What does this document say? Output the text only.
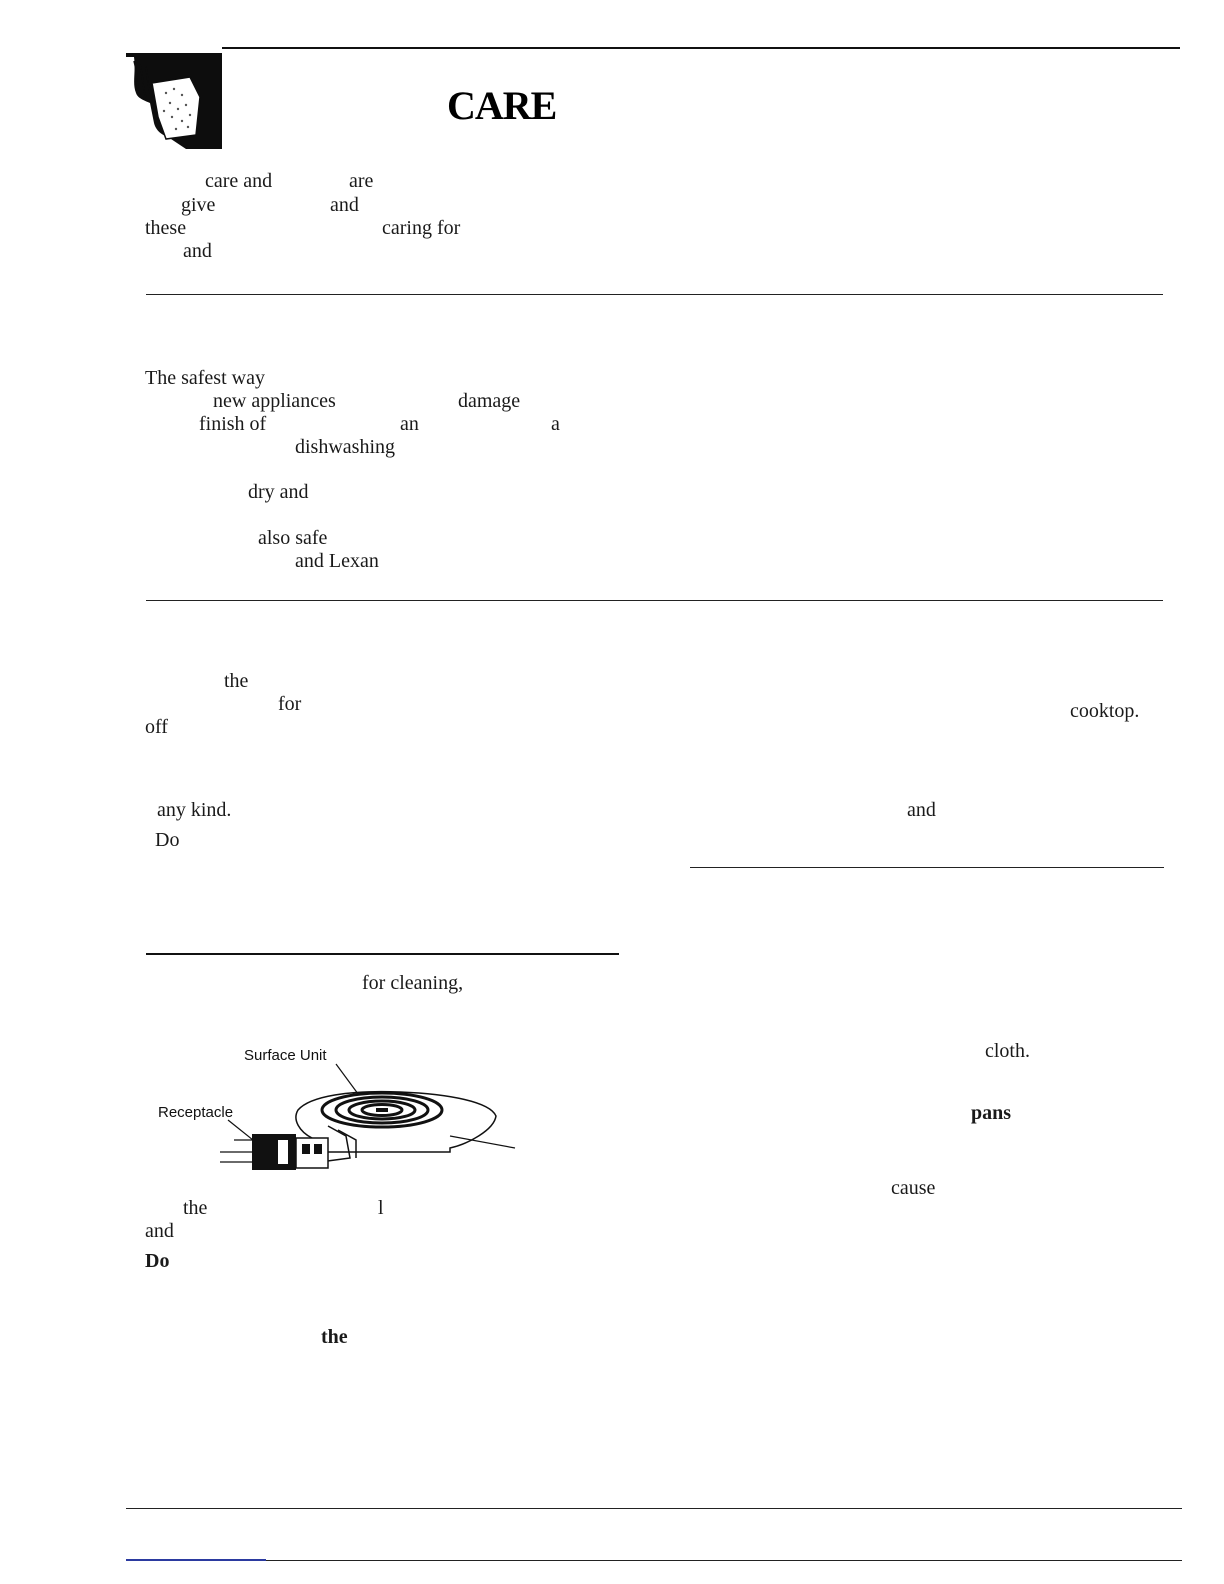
CARE
care and	are
give	and
these	caring for
and
The safest way
new appliances	damage
finish of	an	a
dishwashing
dry and
also safe
and Lexan
the
for	cooktop.
off
any kind.	and
Do
for cleaning,
cloth.
pans
cause
the	l
and
Do
the
Surface Unit
Receptacle
